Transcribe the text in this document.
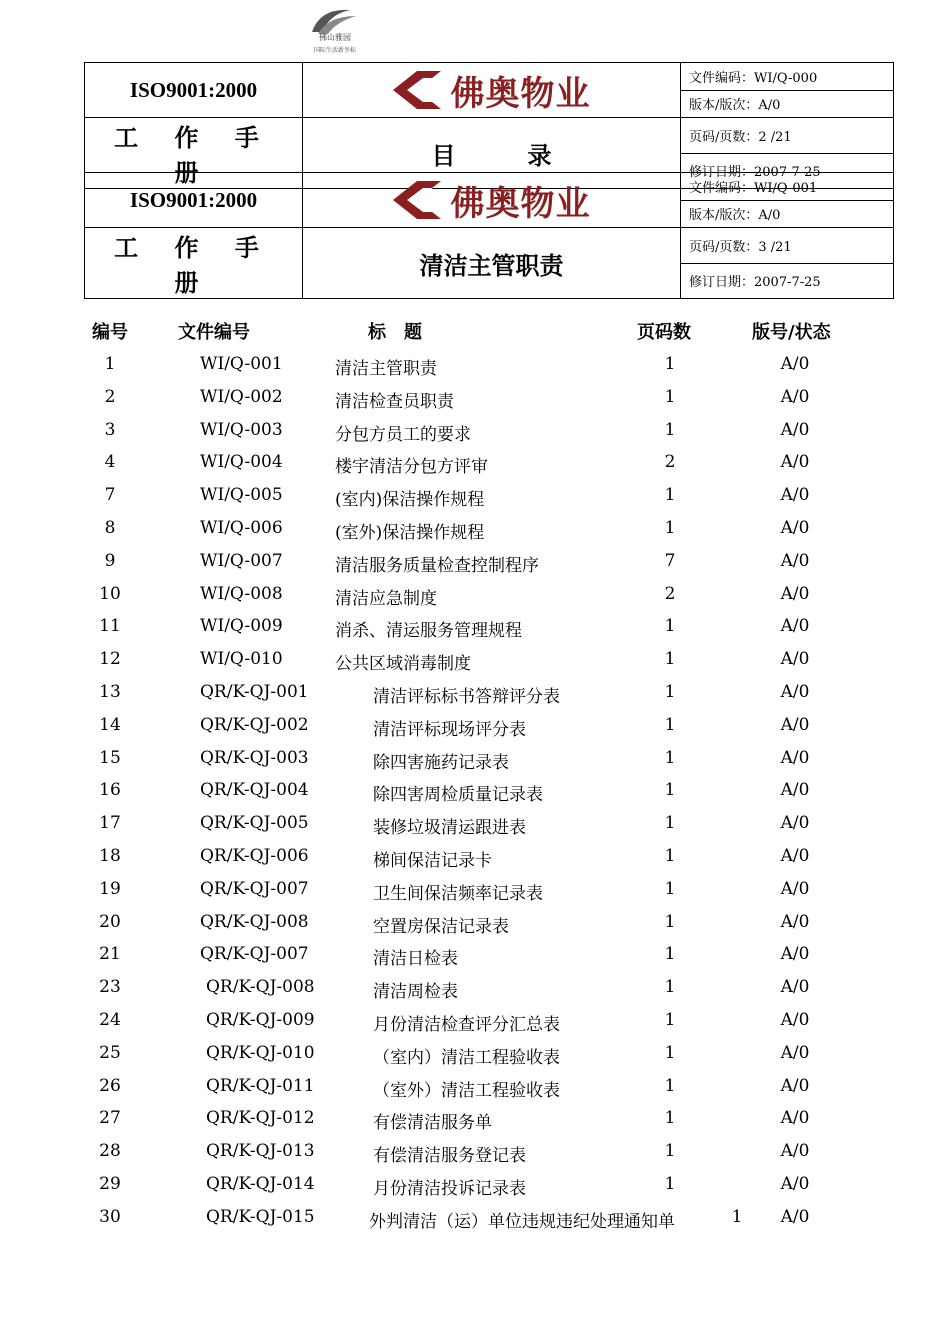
佛山雅园
国际生活新坐标
ISO9001:2000	佛奥物业	文件编码：WI/Q-000
		版本/版次：A/0
工 作 手 册	目　　　录	页码/页数：2 /21
		修订日期：2007-7-25
ISO9001:2000	佛奥物业	文件编码：WI/Q-001
		版本/版次：A/0
工 作 手 册	清洁主管职责	页码/页数：3 /21
		修订日期：2007-7-25
编号	文件编号	标　题	页码数	版号/状态
1	WI/Q-001	清洁主管职责	1	A/0
2	WI/Q-002	清洁检查员职责	1	A/0
3	WI/Q-003	分包方员工的要求	1	A/0
4	WI/Q-004	楼宇清洁分包方评审	2	A/0
7	WI/Q-005	(室内)保洁操作规程	1	A/0
8	WI/Q-006	(室外)保洁操作规程	1	A/0
9	WI/Q-007	清洁服务质量检查控制程序	7	A/0
10	WI/Q-008	清洁应急制度	2	A/0
11	WI/Q-009	消杀、清运服务管理规程	1	A/0
12	WI/Q-010	公共区域消毒制度	1	A/0
13	QR/K-QJ-001	清洁评标标书答辩评分表	1	A/0
14	QR/K-QJ-002	清洁评标现场评分表	1	A/0
15	QR/K-QJ-003	除四害施药记录表	1	A/0
16	QR/K-QJ-004	除四害周检质量记录表	1	A/0
17	QR/K-QJ-005	装修垃圾清运跟进表	1	A/0
18	QR/K-QJ-006	梯间保洁记录卡	1	A/0
19	QR/K-QJ-007	卫生间保洁频率记录表	1	A/0
20	QR/K-QJ-008	空置房保洁记录表	1	A/0
21	QR/K-QJ-007	清洁日检表	1	A/0
23	QR/K-QJ-008	清洁周检表	1	A/0
24	QR/K-QJ-009	月份清洁检查评分汇总表	1	A/0
25	QR/K-QJ-010	（室内）清洁工程验收表	1	A/0
26	QR/K-QJ-011	（室外）清洁工程验收表	1	A/0
27	QR/K-QJ-012	有偿清洁服务单	1	A/0
28	QR/K-QJ-013	有偿清洁服务登记表	1	A/0
29	QR/K-QJ-014	月份清洁投诉记录表	1	A/0
30	QR/K-QJ-015	外判清洁（运）单位违规违纪处理通知单	1	A/0
